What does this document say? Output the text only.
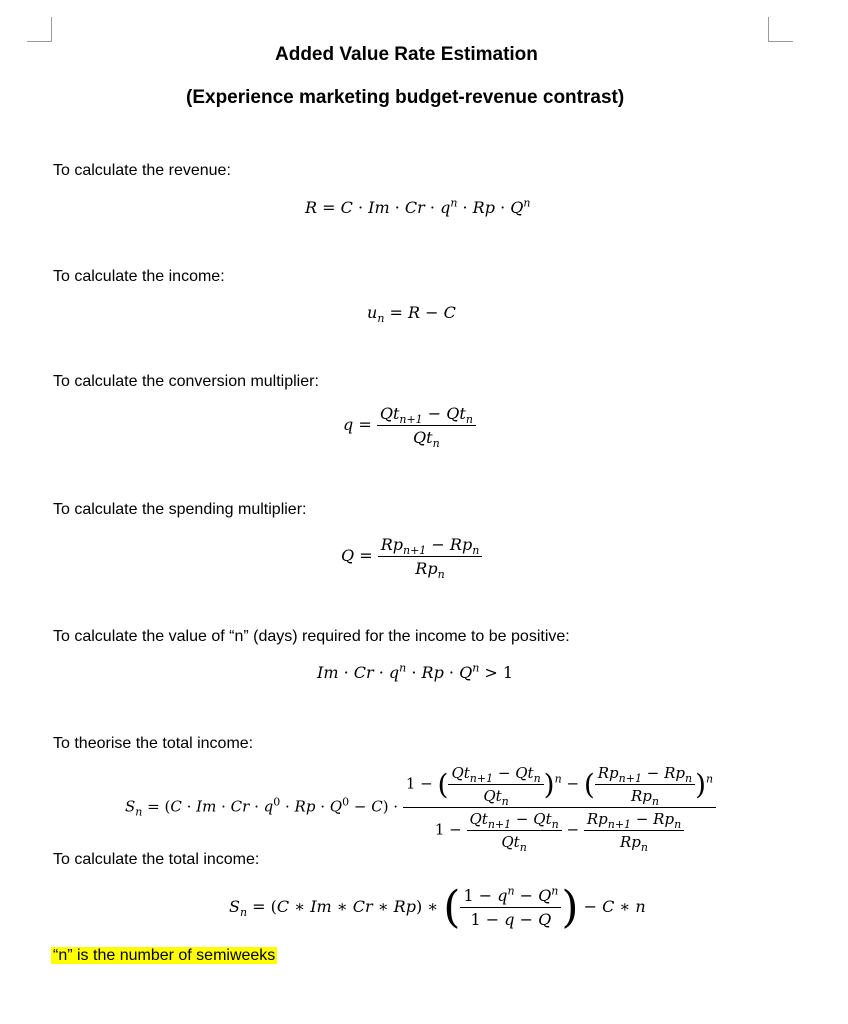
Added Value Rate Estimation
(Experience marketing budget-revenue contrast)
To calculate the revenue:
$R = C \cdot Im \cdot Cr \cdot q^n \cdot Rp \cdot Q^n$
To calculate the income:
$u_n = R - C$
To calculate the conversion multiplier:
$q = \frac{Qt_{n+1} - Qt_n}{Qt_n}$
To calculate the spending multiplier:
$Q = \frac{Rp_{n+1} - Rp_n}{Rp_n}$
To calculate the value of “n” (days) required for the income to be positive:
$Im \cdot Cr \cdot q^n \cdot Rp \cdot Q^n > 1$
To theorise the total income:
$S_n = (C \cdot Im \cdot Cr \cdot q^0 \cdot Rp \cdot Q^0 - C) \cdot \frac{1 - ( \frac{Qt_{n+1} - Qt_n}{Qt_n} )^n - ( \frac{Rp_{n+1} - Rp_n}{Rp_n} )^n}{1 - \frac{Qt_{n+1} - Qt_n}{Qt_n} - \frac{Rp_{n+1} - Rp_n}{Rp_n}}$
To calculate the total income:
$S_n = (C$ ∗ Im ∗ Cr ∗ Rp) ∗ ( $\frac{1 - q^n - Q^n}{1 - q - Q}$ ) − C ∗ n
“n” is the number of semiweeks
